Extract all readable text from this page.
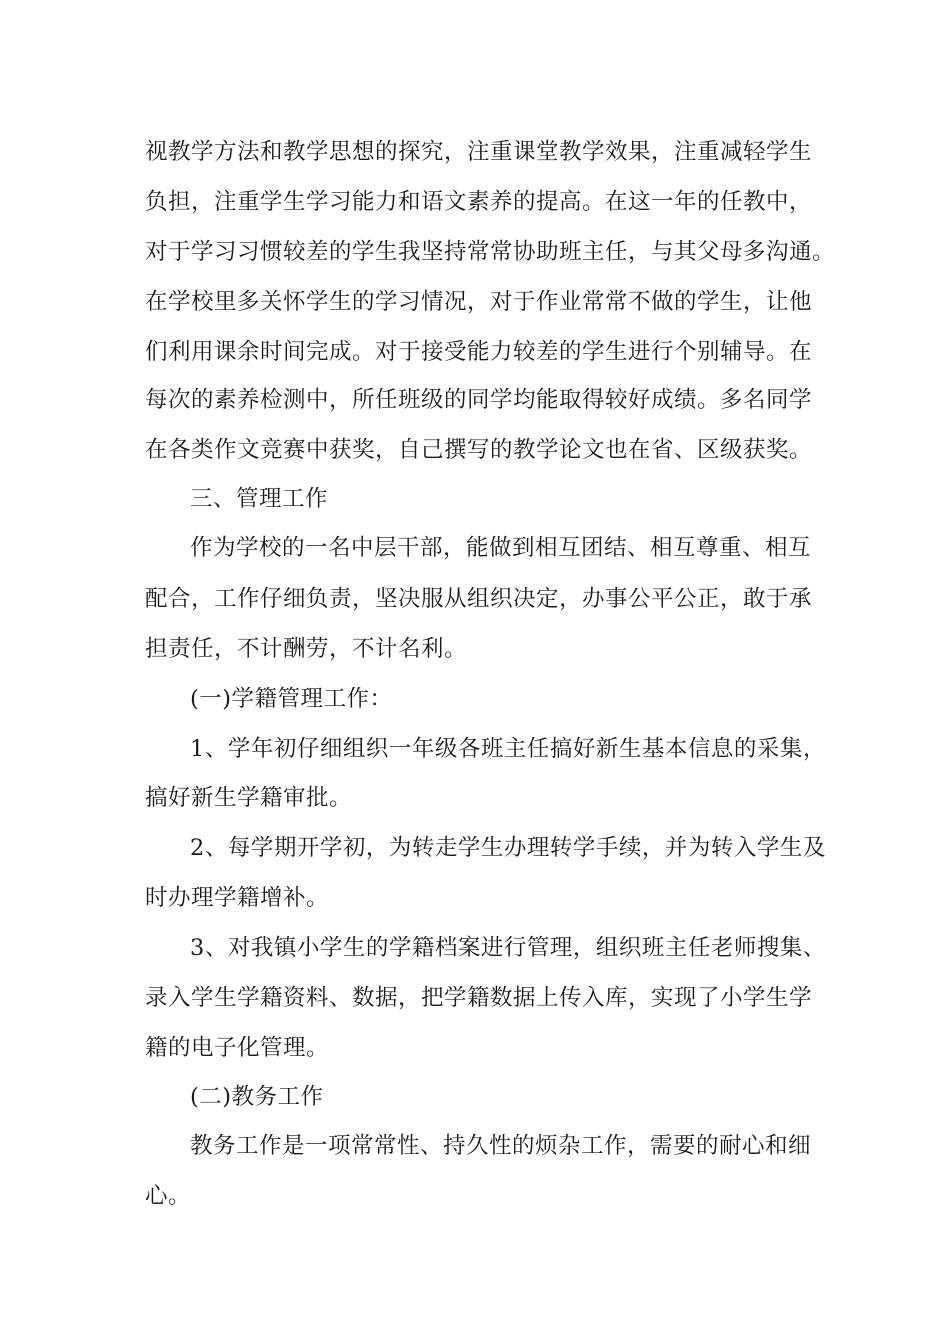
视教学方法和教学思想的探究，注重课堂教学效果，注重减轻学生
负担，注重学生学习能力和语文素养的提高。在这一年的任教中，
对于学习习惯较差的学生我坚持常常协助班主任，与其父母多沟通。
在学校里多关怀学生的学习情况，对于作业常常不做的学生，让他
们利用课余时间完成。对于接受能力较差的学生进行个别辅导。在
每次的素养检测中，所任班级的同学均能取得较好成绩。多名同学
在各类作文竞赛中获奖，自己撰写的教学论文也在省、区级获奖。
三、管理工作
作为学校的一名中层干部，能做到相互团结、相互尊重、相互
配合，工作仔细负责，坚决服从组织决定，办事公平公正，敢于承
担责任，不计酬劳，不计名利。
(一)学籍管理工作：
1、学年初仔细组织一年级各班主任搞好新生基本信息的采集，
搞好新生学籍审批。
2、每学期开学初，为转走学生办理转学手续，并为转入学生及
时办理学籍增补。
3、对我镇小学生的学籍档案进行管理，组织班主任老师搜集、
录入学生学籍资料、数据，把学籍数据上传入库，实现了小学生学
籍的电子化管理。
(二)教务工作
教务工作是一项常常性、持久性的烦杂工作，需要的耐心和细
心。
